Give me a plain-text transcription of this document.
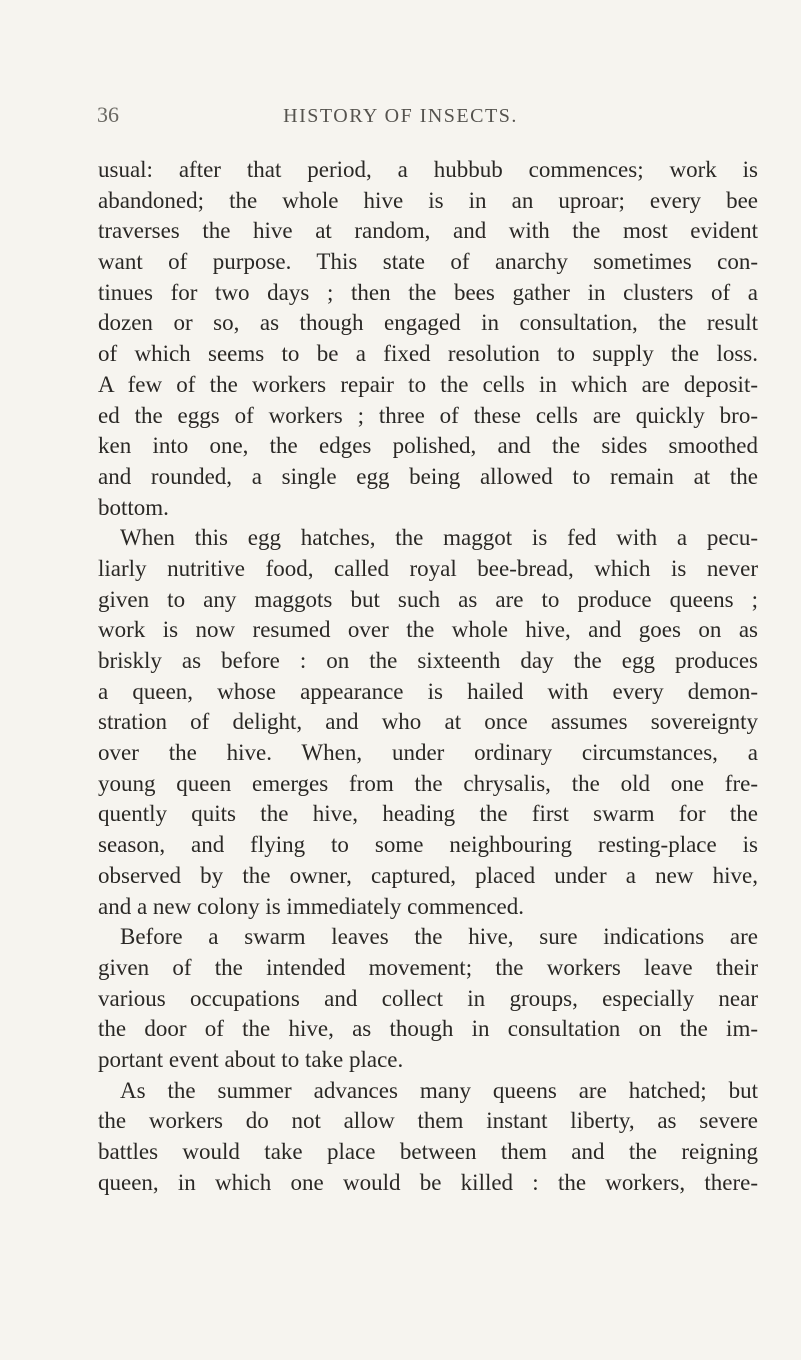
36	HISTORY OF INSECTS.
usual: after that period, a hubbub commences; work is
abandoned; the whole hive is in an uproar; every bee
traverses the hive at random, and with the most evident
want of purpose. This state of anarchy sometimes con-
tinues for two days ; then the bees gather in clusters of a
dozen or so, as though engaged in consultation, the result
of which seems to be a fixed resolution to supply the loss.
A few of the workers repair to the cells in which are deposit-
ed the eggs of workers ; three of these cells are quickly bro-
ken into one, the edges polished, and the sides smoothed
and rounded, a single egg being allowed to remain at the
bottom.
When this egg hatches, the maggot is fed with a pecu-
liarly nutritive food, called royal bee-bread, which is never
given to any maggots but such as are to produce queens ;
work is now resumed over the whole hive, and goes on as
briskly as before : on the sixteenth day the egg produces
a queen, whose appearance is hailed with every demon-
stration of delight, and who at once assumes sovereignty
over the hive. When, under ordinary circumstances, a
young queen emerges from the chrysalis, the old one fre-
quently quits the hive, heading the first swarm for the
season, and flying to some neighbouring resting-place is
observed by the owner, captured, placed under a new hive,
and a new colony is immediately commenced.
Before a swarm leaves the hive, sure indications are
given of the intended movement; the workers leave their
various occupations and collect in groups, especially near
the door of the hive, as though in consultation on the im-
portant event about to take place.
As the summer advances many queens are hatched; but
the workers do not allow them instant liberty, as severe
battles would take place between them and the reigning
queen, in which one would be killed : the workers, there-
